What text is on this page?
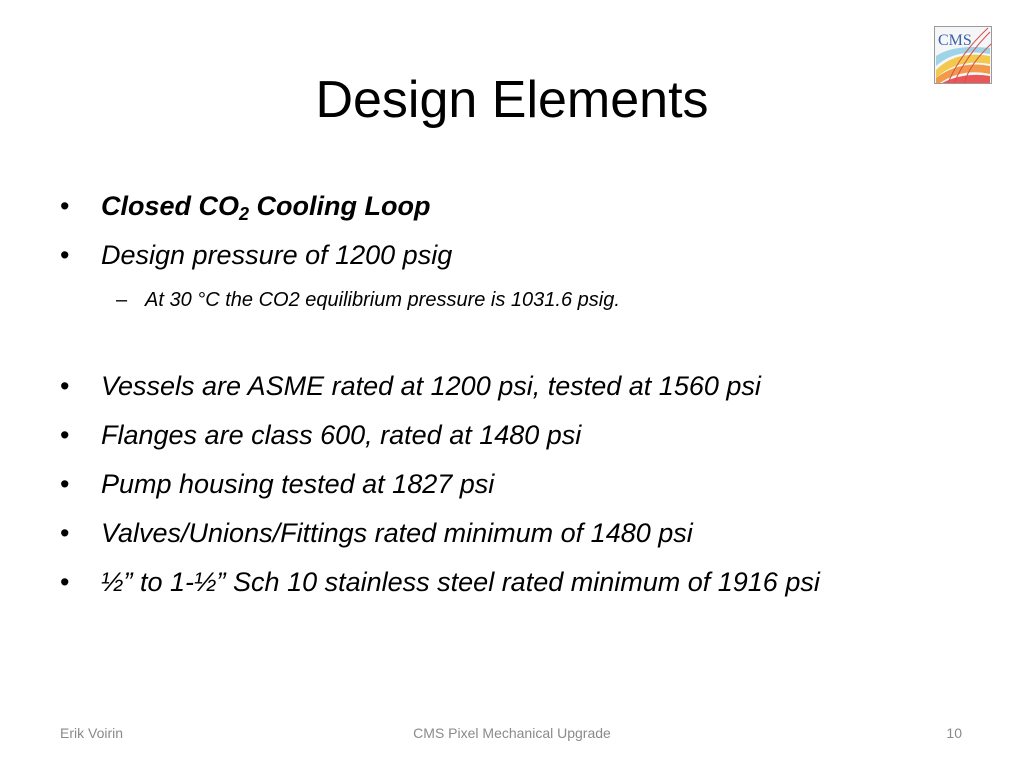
Design Elements
CMS
• Closed $CO_2$ Cooling Loop
• Design pressure of 1200 psig
– At 30 °C the CO2 equilibrium pressure is 1031.6 psig.
• Vessels are ASME rated at 1200 psi, tested at 1560 psi
• Flanges are class 600, rated at 1480 psi
• Pump housing tested at 1827 psi
• Valves/Unions/Fittings rated minimum of 1480 psi
• ½” to 1-½” Sch 10 stainless steel rated minimum of 1916 psi
Erik Voirin	CMS Pixel Mechanical Upgrade	10
